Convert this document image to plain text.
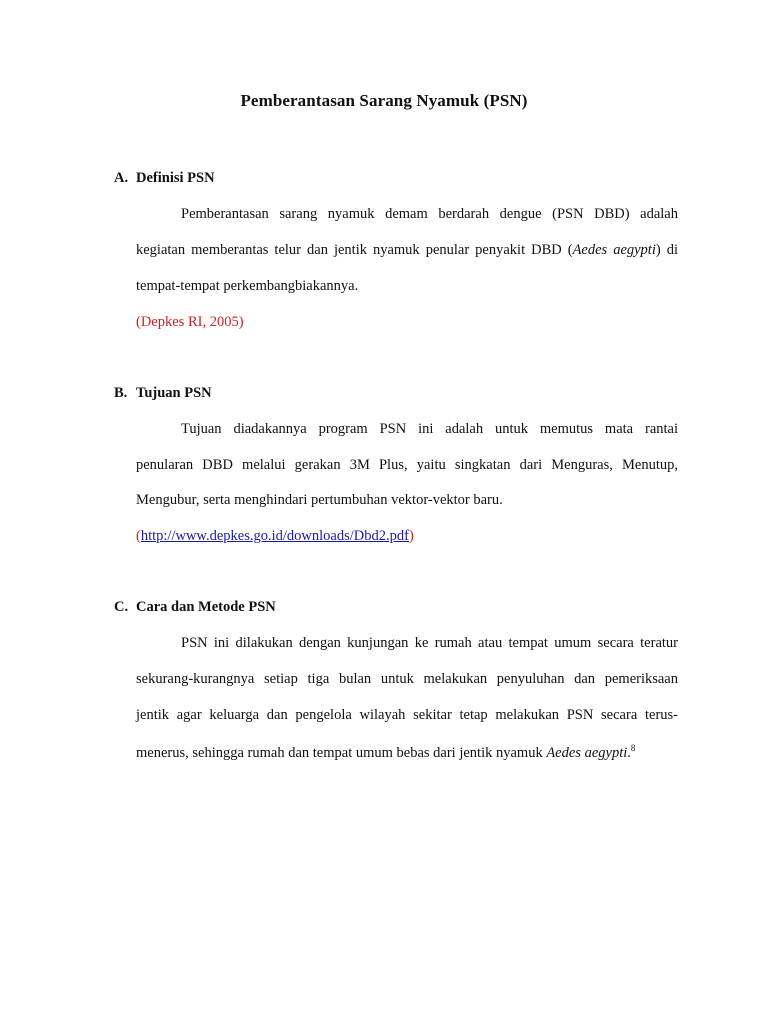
Pemberantasan Sarang Nyamuk (PSN)
A. Definisi PSN
Pemberantasan sarang nyamuk demam berdarah dengue (PSN DBD) adalah
kegiatan memberantas telur dan jentik nyamuk penular penyakit DBD (Aedes aegypti) di
tempat-tempat perkembangbiakannya.
(Depkes RI, 2005)
B. Tujuan PSN
Tujuan diadakannya program PSN ini adalah untuk memutus mata rantai
penularan DBD melalui gerakan 3M Plus, yaitu singkatan dari Menguras, Menutup,
Mengubur, serta menghindari pertumbuhan vektor-vektor baru.
(http://www.depkes.go.id/downloads/Dbd2.pdf)
C. Cara dan Metode PSN
PSN ini dilakukan dengan kunjungan ke rumah atau tempat umum secara teratur
sekurang-kurangnya setiap tiga bulan untuk melakukan penyuluhan dan pemeriksaan
jentik agar keluarga dan pengelola wilayah sekitar tetap melakukan PSN secara terus-
menerus, sehingga rumah dan tempat umum bebas dari jentik nyamuk Aedes aegypti.$^8$
